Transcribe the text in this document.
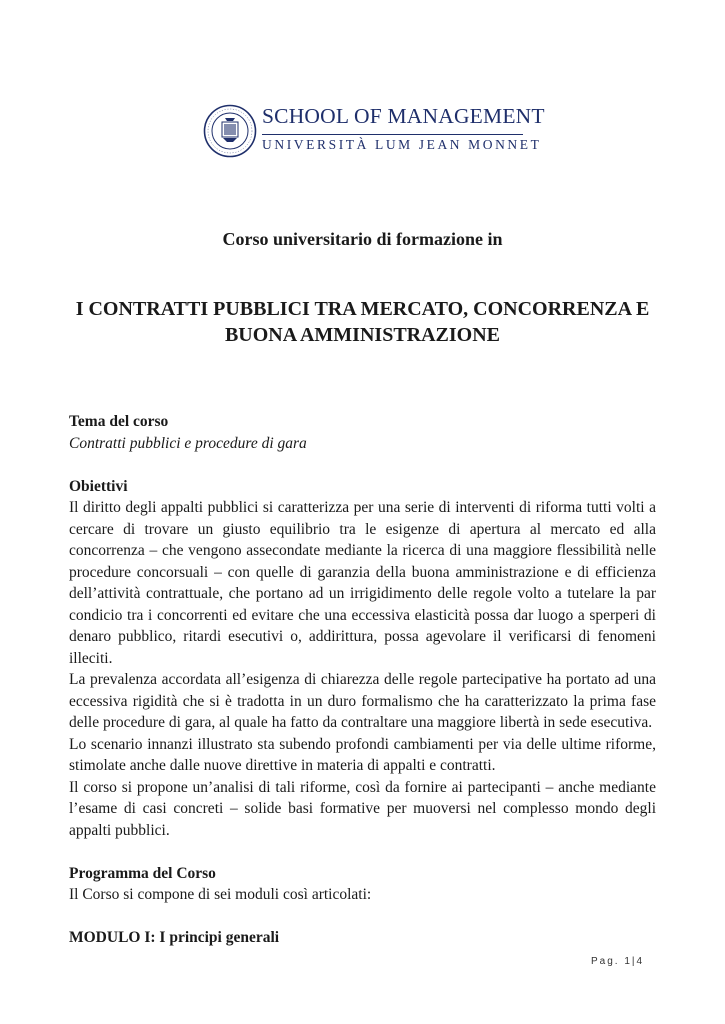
SCHOOL OF MANAGEMENT
UNIVERSITÀ LUM JEAN MONNET
Corso universitario di formazione in
I CONTRATTI PUBBLICI TRA MERCATO, CONCORRENZA E
BUONA AMMINISTRAZIONE

Tema del corso

Contratti pubblici e procedure di gara

Obiettivi

Il diritto degli appalti pubblici si caratterizza per una serie di interventi di riforma tutti volti a cercare di trovare un giusto equilibrio tra le esigenze di apertura al mercato ed alla concorrenza – che vengono assecondate mediante la ricerca di una maggiore flessibilità nelle procedure concorsuali – con quelle di garanzia della buona amministrazione e di efficienza dell’attività contrattuale, che portano ad un irrigidimento delle regole volto a tutelare la par condicio tra i concorrenti ed evitare che una eccessiva elasticità possa dar luogo a sperperi di denaro pubblico, ritardi esecutivi o, addirittura, possa agevolare il verificarsi di fenomeni illeciti.

La prevalenza accordata all’esigenza di chiarezza delle regole partecipative ha portato ad una eccessiva rigidità che si è tradotta in un duro formalismo che ha caratterizzato la prima fase delle procedure di gara, al quale ha fatto da contraltare una maggiore libertà in sede esecutiva.

Lo scenario innanzi illustrato sta subendo profondi cambiamenti per via delle ultime riforme, stimolate anche dalle nuove direttive in materia di appalti e contratti.

Il corso si propone un’analisi di tali riforme, così da fornire ai partecipanti – anche mediante l’esame di casi concreti – solide basi formative per muoversi nel complesso mondo degli appalti pubblici.

Programma del Corso

Il Corso si compone di sei moduli così articolati:

MODULO I: I principi generali

Pag. 1|4
